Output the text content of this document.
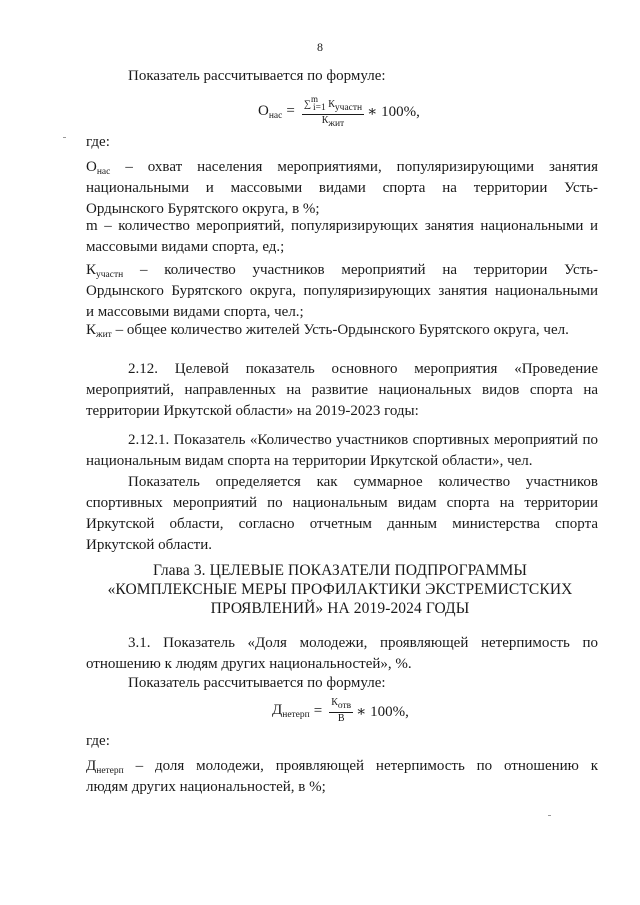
8
Показатель рассчитывается по формуле:
$О_{нас} = \frac{\text{∑mi=1 Кучастн}}{\text{Кжит}}$ ∗ 100%,
где:
$О_{нас}$ – охват населения мероприятиями, популяризирующими занятия
национальными и массовыми видами спорта на территории Усть-
Ордынского Бурятского округа, в %;
m – количество мероприятий, популяризирующих занятия национальными и
массовыми видами спорта, ед.;
$К_{участн}$ – количество участников мероприятий на территории Усть-
Ордынского Бурятского округа, популяризирующих занятия национальными
и массовыми видами спорта, чел.;
$К_{жит}$ – общее количество жителей Усть-Ордынского Бурятского округа, чел.
2.12. Целевой показатель основного мероприятия «Проведение
мероприятий, направленных на развитие национальных видов спорта на
территории Иркутской области» на 2019-2023 годы:
2.12.1. Показатель «Количество участников спортивных мероприятий по
национальным видам спорта на территории Иркутской области», чел.
Показатель определяется как суммарное количество участников
спортивных мероприятий по национальным видам спорта на территории
Иркутской области, согласно отчетным данным министерства спорта
Иркутской области.
Глава 3. ЦЕЛЕВЫЕ ПОКАЗАТЕЛИ ПОДПРОГРАММЫ
«КОМПЛЕКСНЫЕ МЕРЫ ПРОФИЛАКТИКИ ЭКСТРЕМИСТСКИХ
ПРОЯВЛЕНИЙ» НА 2019-2024 ГОДЫ
3.1. Показатель «Доля молодежи, проявляющей нетерпимость по
отношению к людям других национальностей», %.
Показатель рассчитывается по формуле:
$Д_{нетерп} = \frac{\text{Котв}}{В}$ ∗ 100%,
где:
$Д_{нетерп}$ – доля молодежи, проявляющей нетерпимость по отношению к
людям других национальностей, в %;
